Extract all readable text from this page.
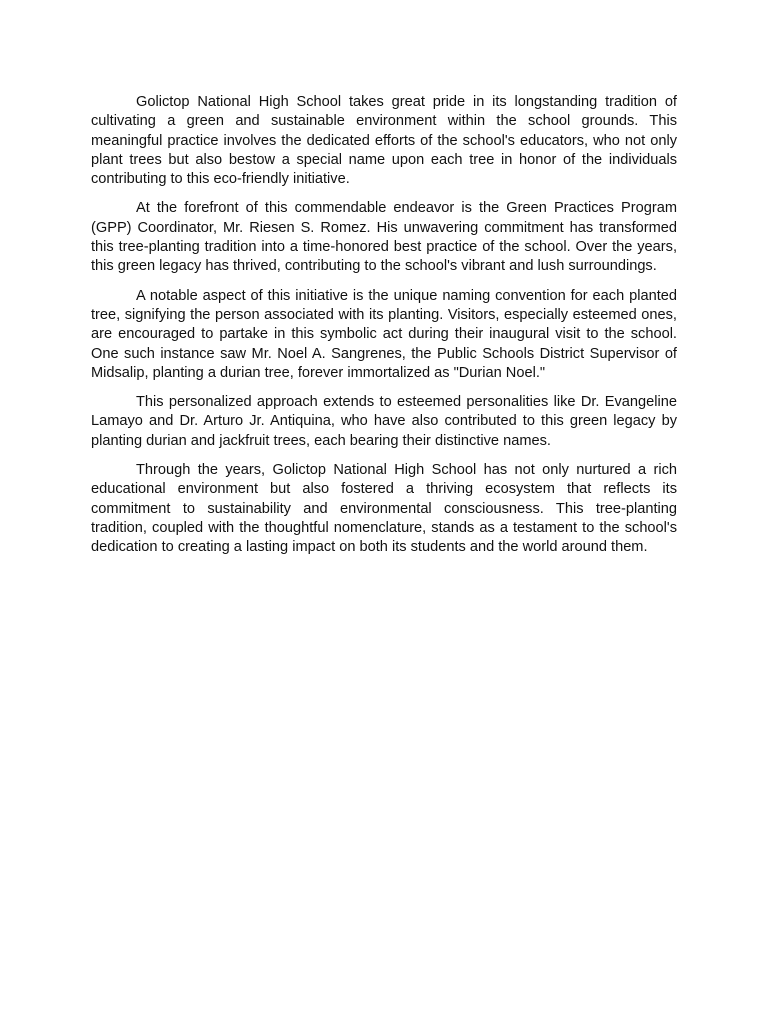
Golictop National High School takes great pride in its longstanding tradition of cultivating a green and sustainable environment within the school grounds. This meaningful practice involves the dedicated efforts of the school's educators, who not only plant trees but also bestow a special name upon each tree in honor of the individuals contributing to this eco-friendly initiative.

At the forefront of this commendable endeavor is the Green Practices Program (GPP) Coordinator, Mr. Riesen S. Romez. His unwavering commitment has transformed this tree-planting tradition into a time-honored best practice of the school. Over the years, this green legacy has thrived, contributing to the school's vibrant and lush surroundings.

A notable aspect of this initiative is the unique naming convention for each planted tree, signifying the person associated with its planting. Visitors, especially esteemed ones, are encouraged to partake in this symbolic act during their inaugural visit to the school. One such instance saw Mr. Noel A. Sangrenes, the Public Schools District Supervisor of Midsalip, planting a durian tree, forever immortalized as "Durian Noel."

This personalized approach extends to esteemed personalities like Dr. Evangeline Lamayo and Dr. Arturo Jr. Antiquina, who have also contributed to this green legacy by planting durian and jackfruit trees, each bearing their distinctive names.

Through the years, Golictop National High School has not only nurtured a rich educational environment but also fostered a thriving ecosystem that reflects its commitment to sustainability and environmental consciousness. This tree-planting tradition, coupled with the thoughtful nomenclature, stands as a testament to the school's dedication to creating a lasting impact on both its students and the world around them.
